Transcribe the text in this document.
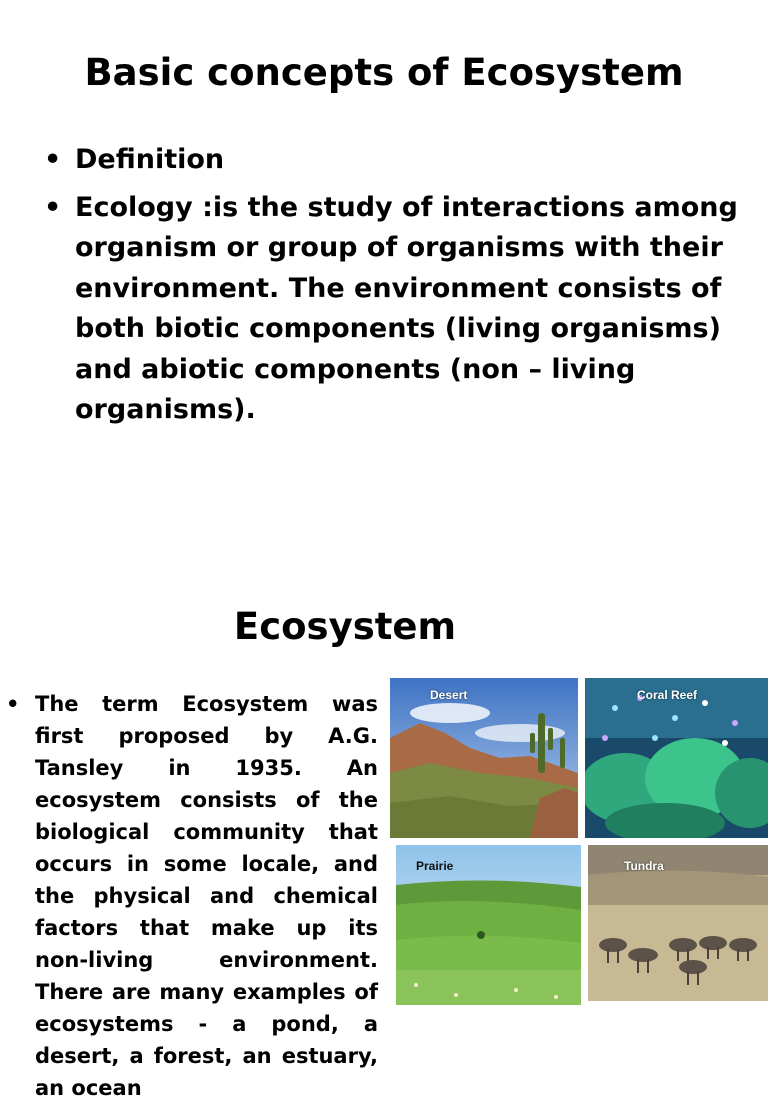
Basic concepts of Ecosystem
• Definition
• Ecology :is the study of interactions among organism or group of organisms with their environment. The environment consists of both biotic components (living organisms) and abiotic components (non – living organisms).
Ecosystem
• The term Ecosystem was first proposed by A.G. Tansley in 1935. An ecosystem consists of the biological community that occurs in some locale, and the physical and chemical factors that make up its non-living environment. There are many examples of ecosystems - a pond, a desert, a forest, an estuary, an ocean
Desert	Coral Reef
Prairie	Tundra
